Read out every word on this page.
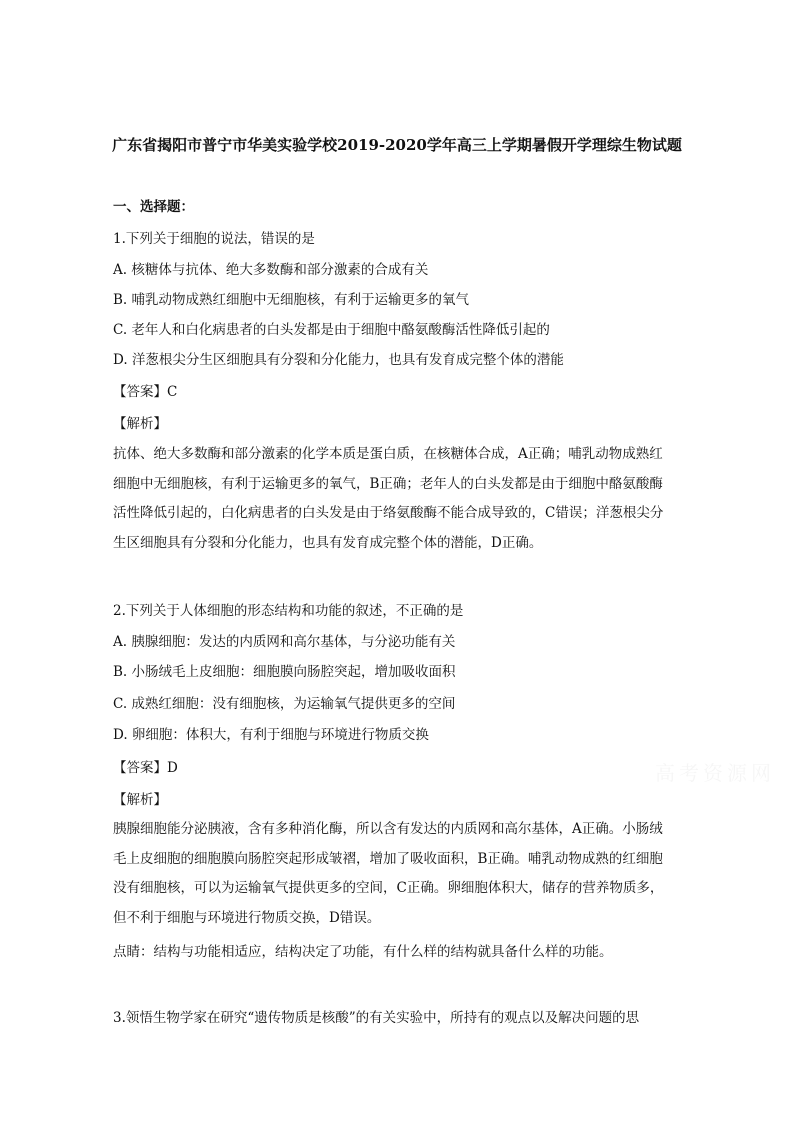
广东省揭阳市普宁市华美实验学校2019-2020学年高三上学期暑假开学理综生物试题
一、选择题：
1.下列关于细胞的说法，错误的是
A. 核糖体与抗体、绝大多数酶和部分激素的合成有关
B. 哺乳动物成熟红细胞中无细胞核，有利于运输更多的氧气
C. 老年人和白化病患者的白头发都是由于细胞中酪氨酸酶活性降低引起的
D. 洋葱根尖分生区细胞具有分裂和分化能力，也具有发育成完整个体的潜能
【答案】C
【解析】
抗体、绝大多数酶和部分激素的化学本质是蛋白质，在核糖体合成，A正确；哺乳动物成熟红
细胞中无细胞核，有利于运输更多的氧气，B正确；老年人的白头发都是由于细胞中酪氨酸酶
活性降低引起的，白化病患者的白头发是由于络氨酸酶不能合成导致的，C错误；洋葱根尖分
生区细胞具有分裂和分化能力，也具有发育成完整个体的潜能，D正确。
2.下列关于人体细胞的形态结构和功能的叙述，不正确的是
A. 胰腺细胞：发达的内质网和高尔基体，与分泌功能有关
B. 小肠绒毛上皮细胞：细胞膜向肠腔突起，增加吸收面积
C. 成熟红细胞：没有细胞核，为运输氧气提供更多的空间
D. 卵细胞：体积大，有利于细胞与环境进行物质交换
【答案】D
【解析】
胰腺细胞能分泌胰液，含有多种消化酶，所以含有发达的内质网和高尔基体，A正确。小肠绒
毛上皮细胞的细胞膜向肠腔突起形成皱褶，增加了吸收面积，B正确。哺乳动物成熟的红细胞
没有细胞核，可以为运输氧气提供更多的空间，C正确。卵细胞体积大，储存的营养物质多，
但不利于细胞与环境进行物质交换，D错误。
点睛：结构与功能相适应，结构决定了功能，有什么样的结构就具备什么样的功能。
3.领悟生物学家在研究“遗传物质是核酸”的有关实验中，所持有的观点以及解决问题的思
